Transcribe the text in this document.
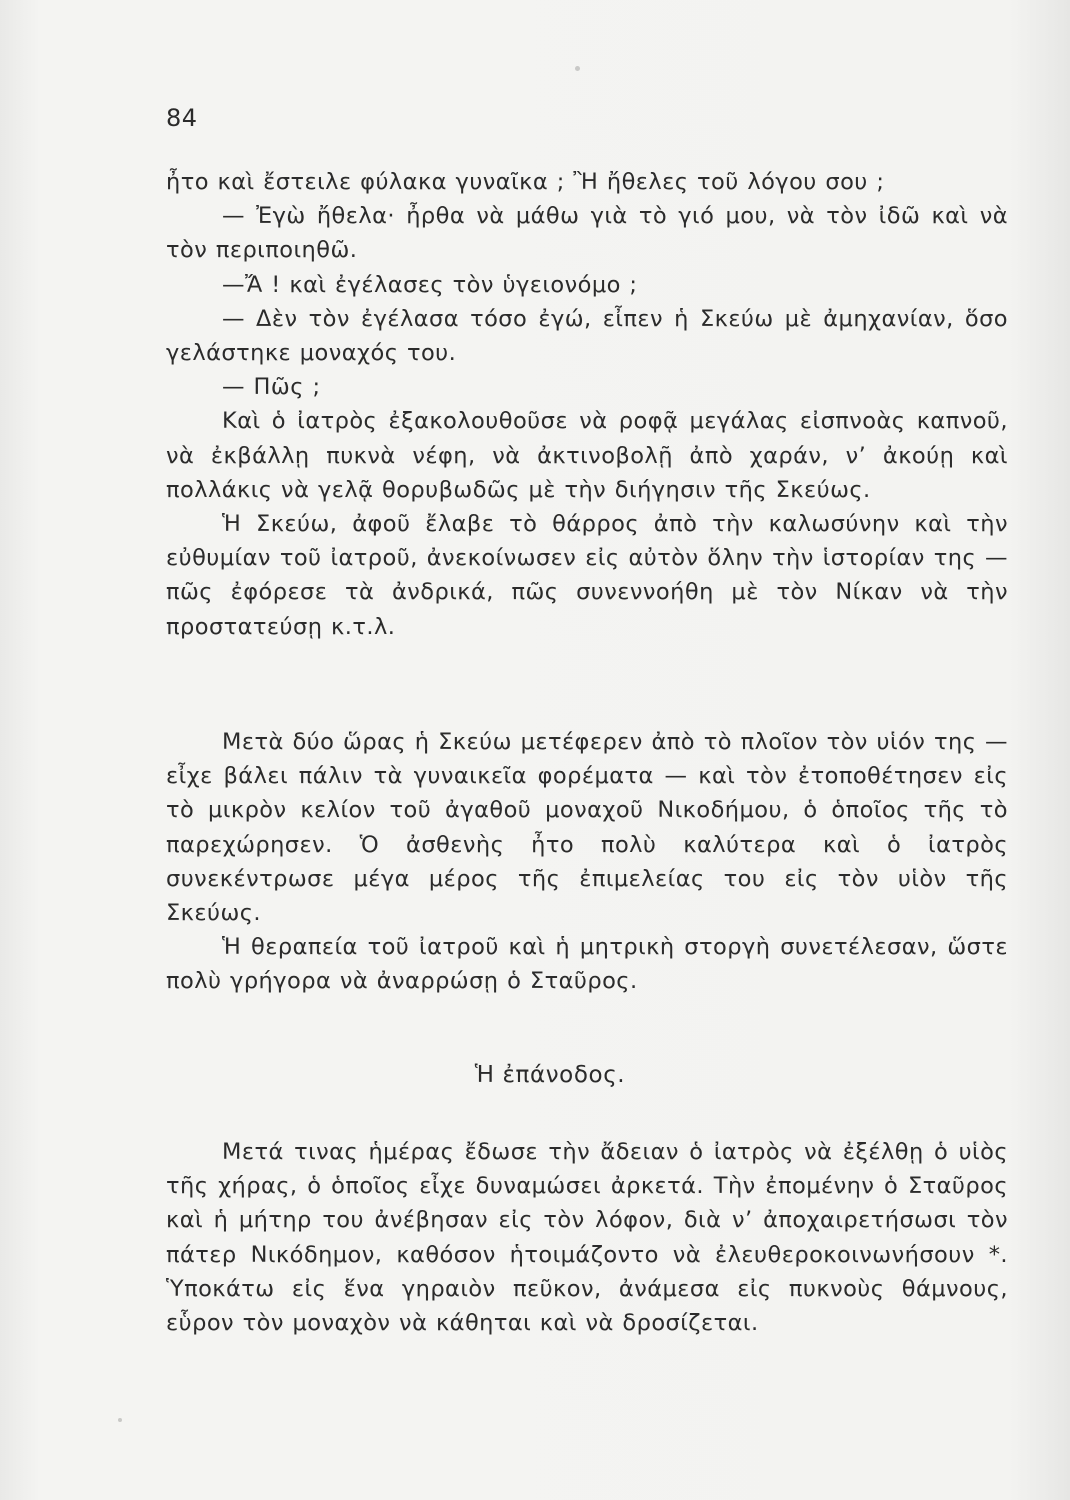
84

ἦτο καὶ ἔστειλε φύλακα γυναῖκα ; Ἢ ἤθελες τοῦ λόγου σου ;

— Ἐγὼ ἤθελα· ἦρθα νὰ μάθω γιὰ τὸ γιό μου, νὰ τὸν ἰδῶ καὶ νὰ τὸν περιποιηθῶ.

—Ἄ ! καὶ ἐγέλασες τὸν ὑγειονόμο ;

— Δὲν τὸν ἐγέλασα τόσο ἐγώ, εἶπεν ἡ Σκεύω μὲ ἀμηχανίαν, ὅσο γελάστηκε μοναχός του.

— Πῶς ;

Καὶ ὁ ἰατρὸς ἐξακολουθοῦσε νὰ ροφᾷ μεγάλας εἰσπνοὰς καπνοῦ, νὰ ἐκβάλλῃ πυκνὰ νέφη, νὰ ἀκτινοβολῇ ἀπὸ χαράν, ν’ ἀκούῃ καὶ πολλάκις νὰ γελᾷ θορυβωδῶς μὲ τὴν διήγησιν τῆς Σκεύως.

Ἡ Σκεύω, ἀφοῦ ἔλαβε τὸ θάρρος ἀπὸ τὴν καλωσύνην καὶ τὴν εὐθυμίαν τοῦ ἰατροῦ, ἀνεκοίνωσεν εἰς αὐτὸν ὅλην τὴν ἱστορίαν της — πῶς ἐφόρεσε τὰ ἀνδρικά, πῶς συνεννοήθη μὲ τὸν Νίκαν νὰ τὴν προστατεύσῃ κ.τ.λ.

Μετὰ δύο ὥρας ἡ Σκεύω μετέφερεν ἀπὸ τὸ πλοῖον τὸν υἱόν της — εἶχε βάλει πάλιν τὰ γυναικεῖα φορέματα — καὶ τὸν ἐτοποθέτησεν εἰς τὸ μικρὸν κελίον τοῦ ἀγαθοῦ μοναχοῦ Νικοδήμου, ὁ ὁποῖος τῆς τὸ παρεχώρησεν. Ὁ ἀσθενὴς ἦτο πολὺ καλύτερα καὶ ὁ ἰατρὸς συνεκέντρωσε μέγα μέρος τῆς ἐπιμελείας του εἰς τὸν υἱὸν τῆς Σκεύως.

Ἡ θεραπεία τοῦ ἰατροῦ καὶ ἡ μητρικὴ στοργὴ συνετέλεσαν, ὥστε πολὺ γρήγορα νὰ ἀναρρώσῃ ὁ Σταῦρος.

Ἡ ἐπάνοδος.

Μετά τινας ἡμέρας ἔδωσε τὴν ἄδειαν ὁ ἰατρὸς νὰ ἐξέλθῃ ὁ υἱὸς τῆς χήρας, ὁ ὁποῖος εἶχε δυναμώσει ἀρκετά. Τὴν ἐπομένην ὁ Σταῦρος καὶ ἡ μήτηρ του ἀνέβησαν εἰς τὸν λόφον, διὰ ν’ ἀποχαιρετήσωσι τὸν πάτερ Νικόδημον, καθόσον ἡτοιμάζοντο νὰ ἐλευθεροκοινωνήσουν *. Ὑποκάτω εἰς ἕνα γηραιὸν πεῦκον, ἀνάμεσα εἰς πυκνοὺς θάμνους, εὗρον τὸν μοναχὸν νὰ κάθηται καὶ νὰ δροσίζεται.
